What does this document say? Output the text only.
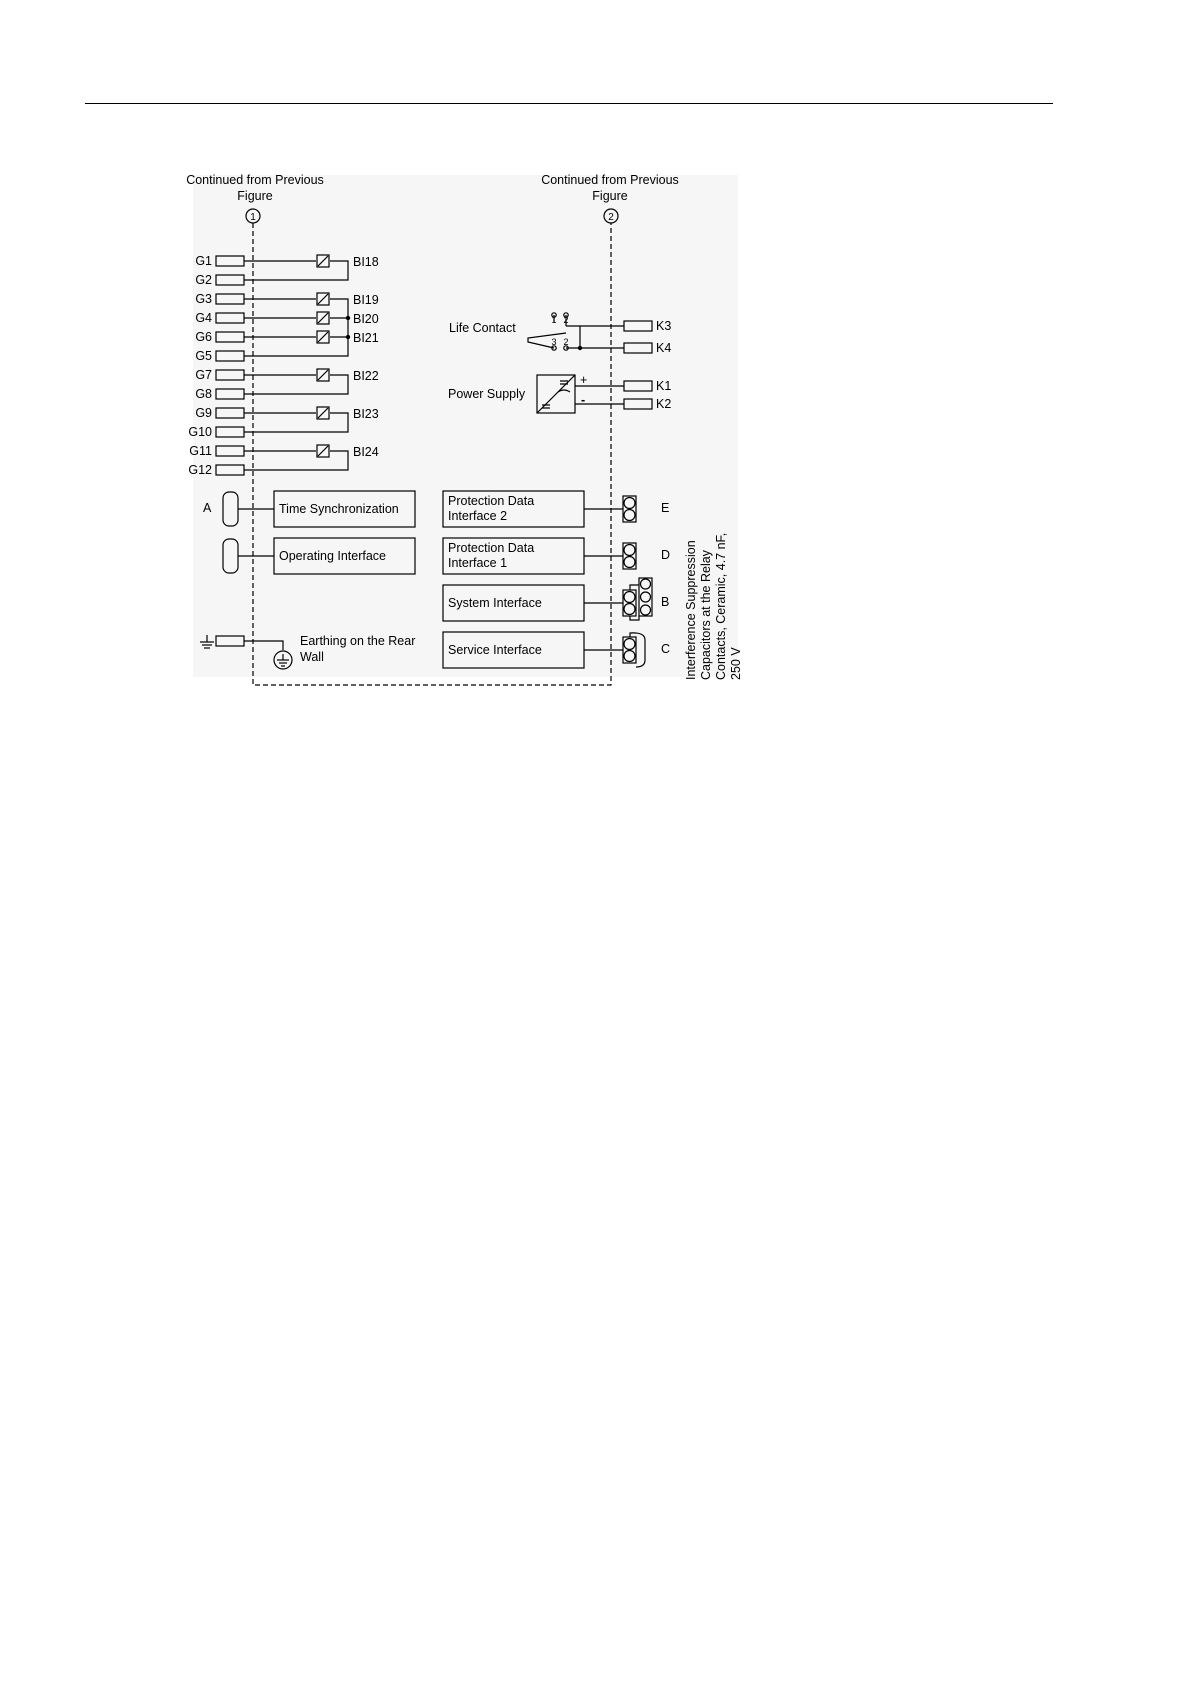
Continued from Previous
Figure
1
Continued from Previous
Figure
2
G1
G2
G3
G4
G6
G5
G7
G8
G9
G10
G11
G12
BI18
BI19
BI20
BI21
BI22
BI23
BI24
Life Contact
1 2
3 2
K3
K4
Power Supply
+
-
K1
K2
A	Time Synchronization
Operating Interface
Protection Data
Interface 2
E
Protection Data
Interface 1
D
System Interface	B
Service Interface	C
Earthing on the Rear
Wall	Interference Suppression Capacitors at the Relay Contacts, Ceramic, 4.7 nF, 250 V
